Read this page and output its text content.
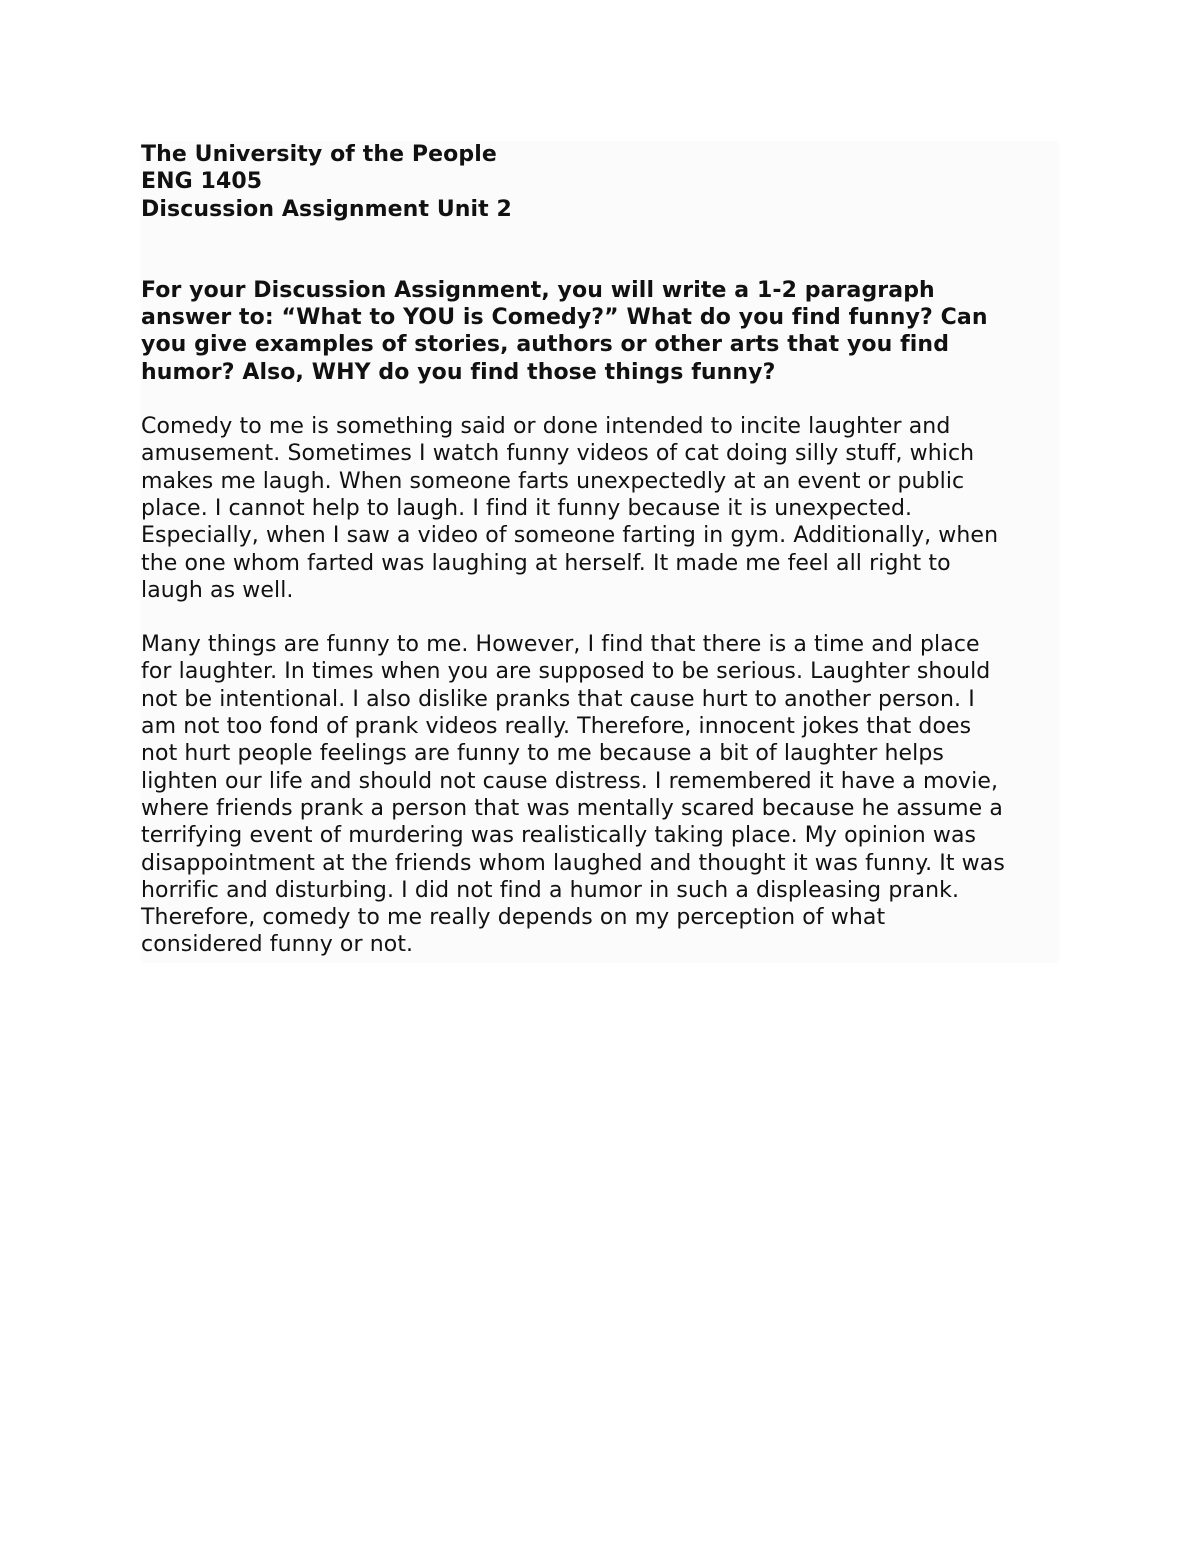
The University of the People
ENG 1405
Discussion Assignment Unit 2
For your Discussion Assignment, you will write a 1-2 paragraph
answer to: “What to YOU is Comedy?” What do you find funny? Can
you give examples of stories, authors or other arts that you find
humor? Also, WHY do you find those things funny?
Comedy to me is something said or done intended to incite laughter and
amusement. Sometimes I watch funny videos of cat doing silly stuff, which
makes me laugh. When someone farts unexpectedly at an event or public
place. I cannot help to laugh. I find it funny because it is unexpected.
Especially, when I saw a video of someone farting in gym. Additionally, when
the one whom farted was laughing at herself. It made me feel all right to
laugh as well.
Many things are funny to me. However, I find that there is a time and place
for laughter. In times when you are supposed to be serious. Laughter should
not be intentional. I also dislike pranks that cause hurt to another person. I
am not too fond of prank videos really. Therefore, innocent jokes that does
not hurt people feelings are funny to me because a bit of laughter helps
lighten our life and should not cause distress. I remembered it have a movie,
where friends prank a person that was mentally scared because he assume a
terrifying event of murdering was realistically taking place. My opinion was
disappointment at the friends whom laughed and thought it was funny. It was
horrific and disturbing. I did not find a humor in such a displeasing prank.
Therefore, comedy to me really depends on my perception of what
considered funny or not.
